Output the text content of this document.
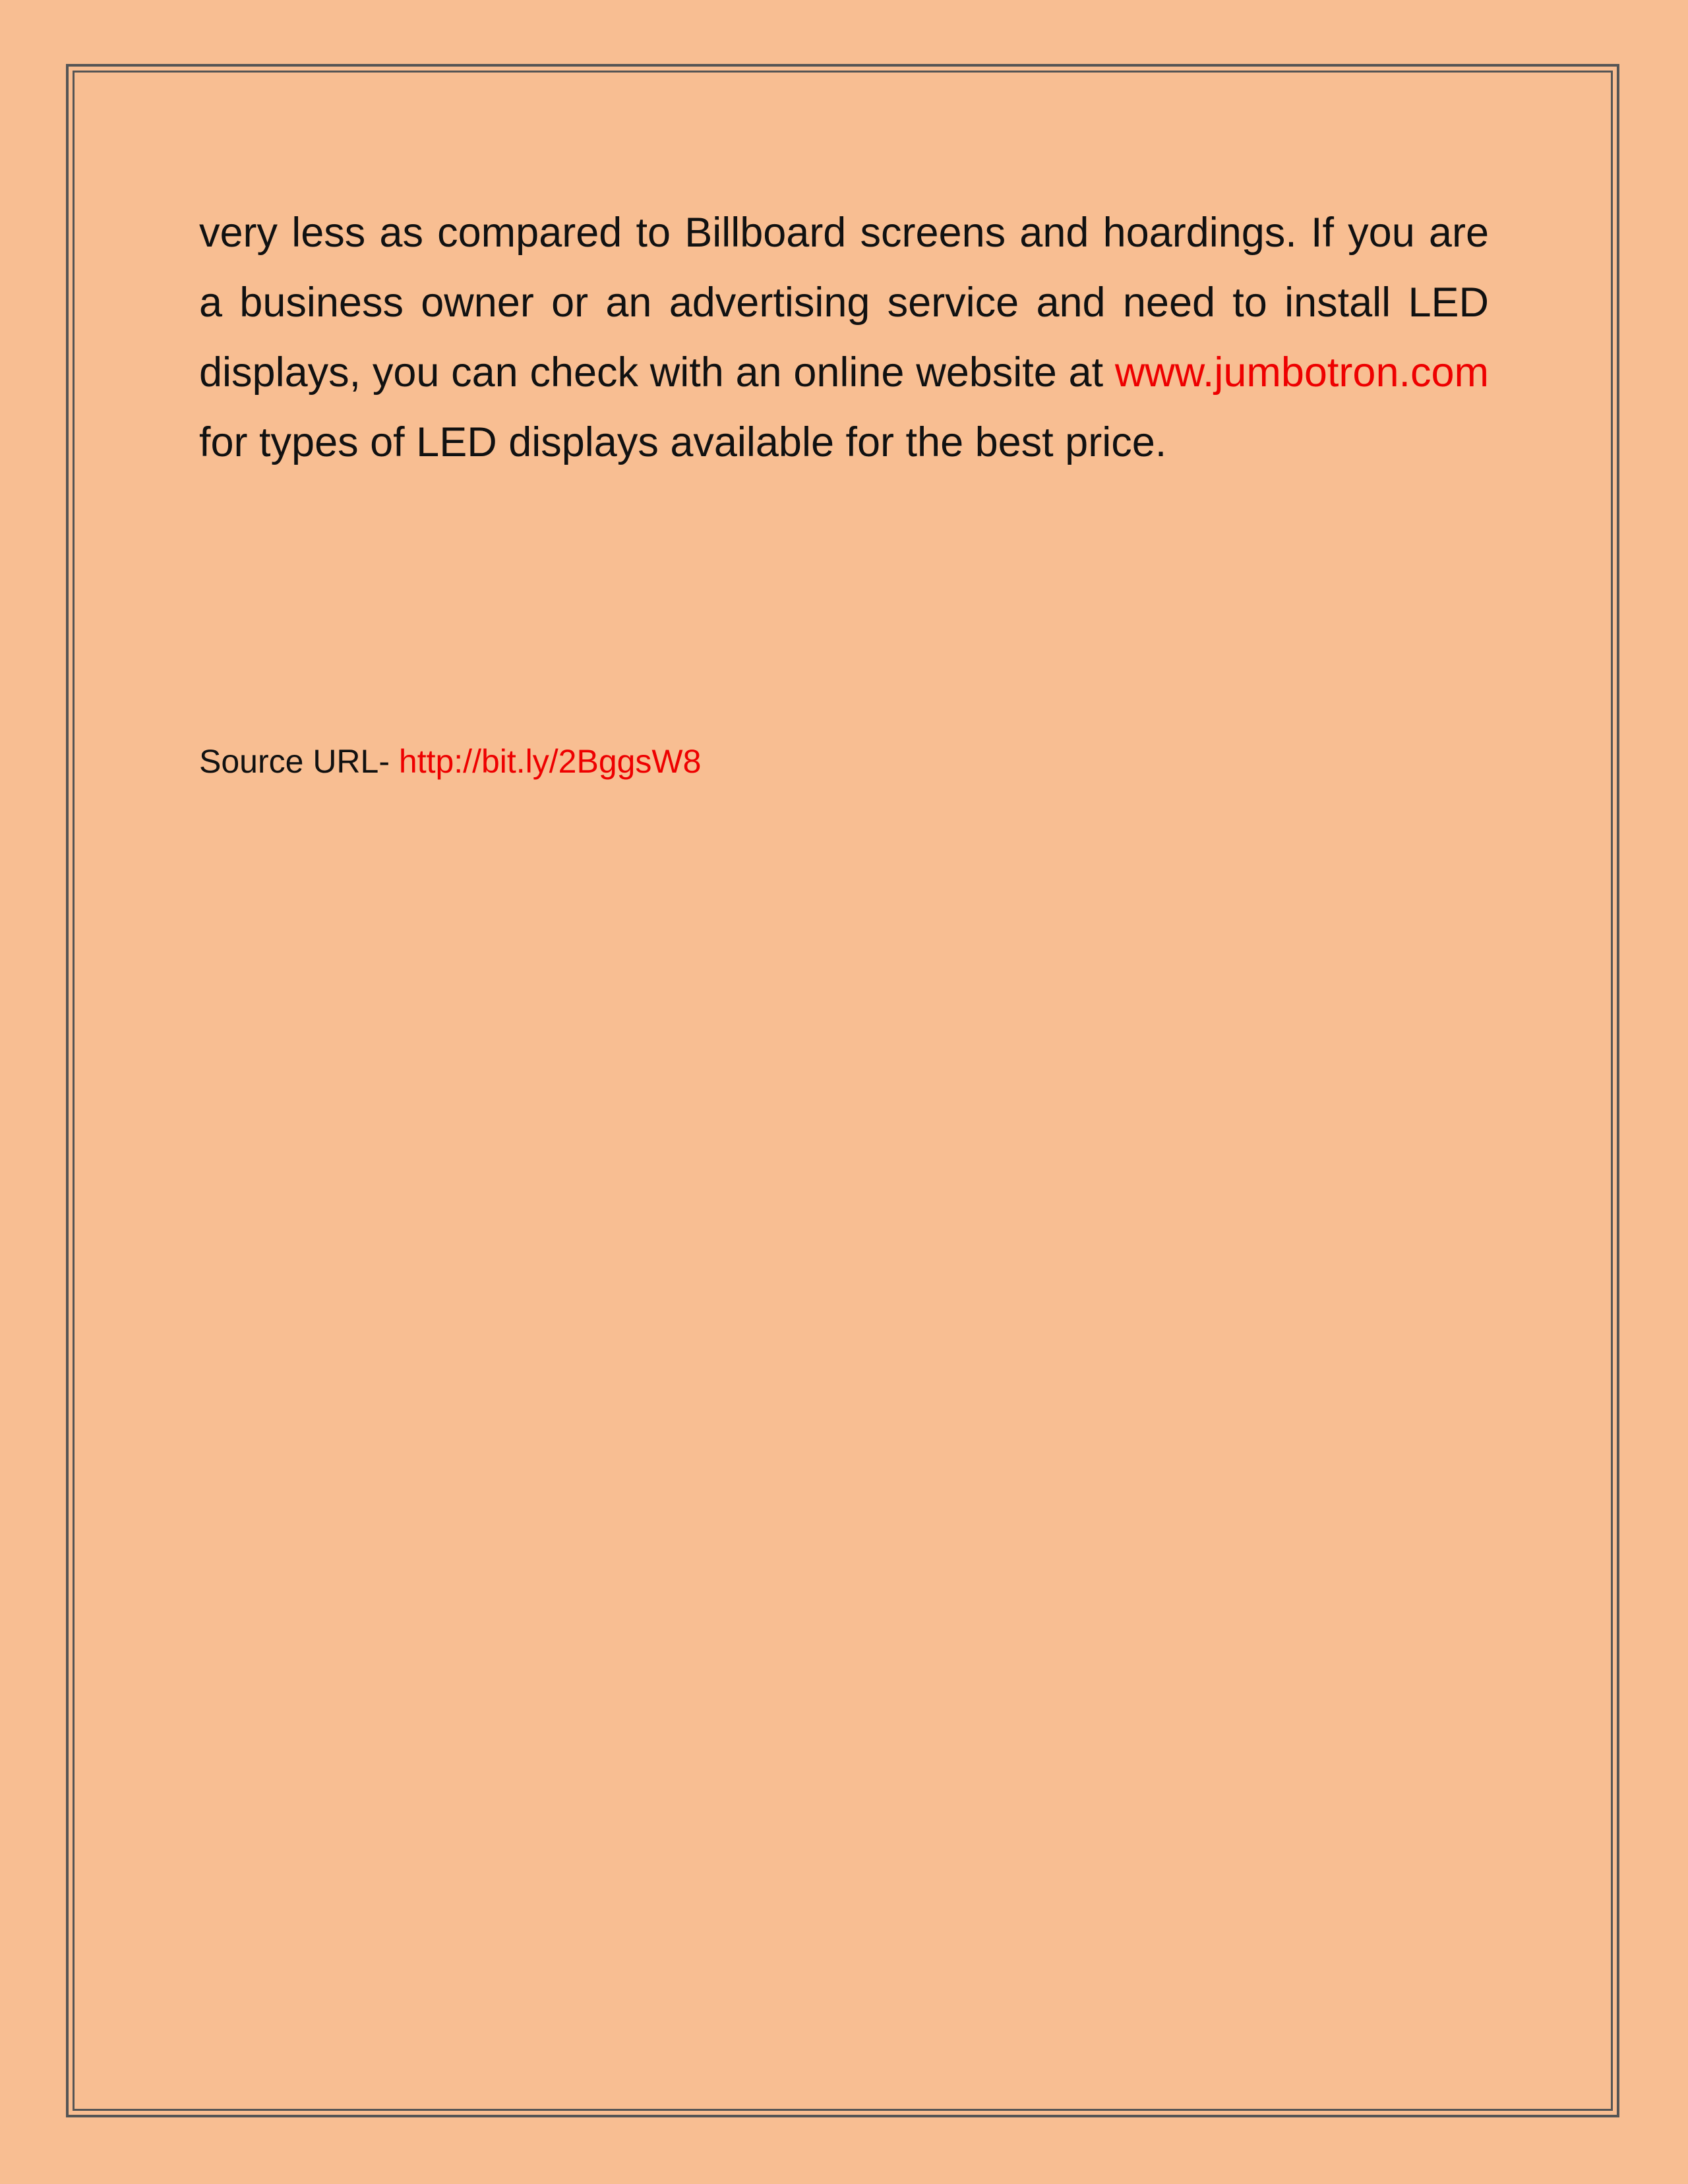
very less as compared to Billboard screens and hoardings. If you are a business owner or an advertising service and need to install LED displays, you can check with an online website at www.jumbotron.com for types of LED displays available for the best price.

Source URL- http://bit.ly/2BggsW8
